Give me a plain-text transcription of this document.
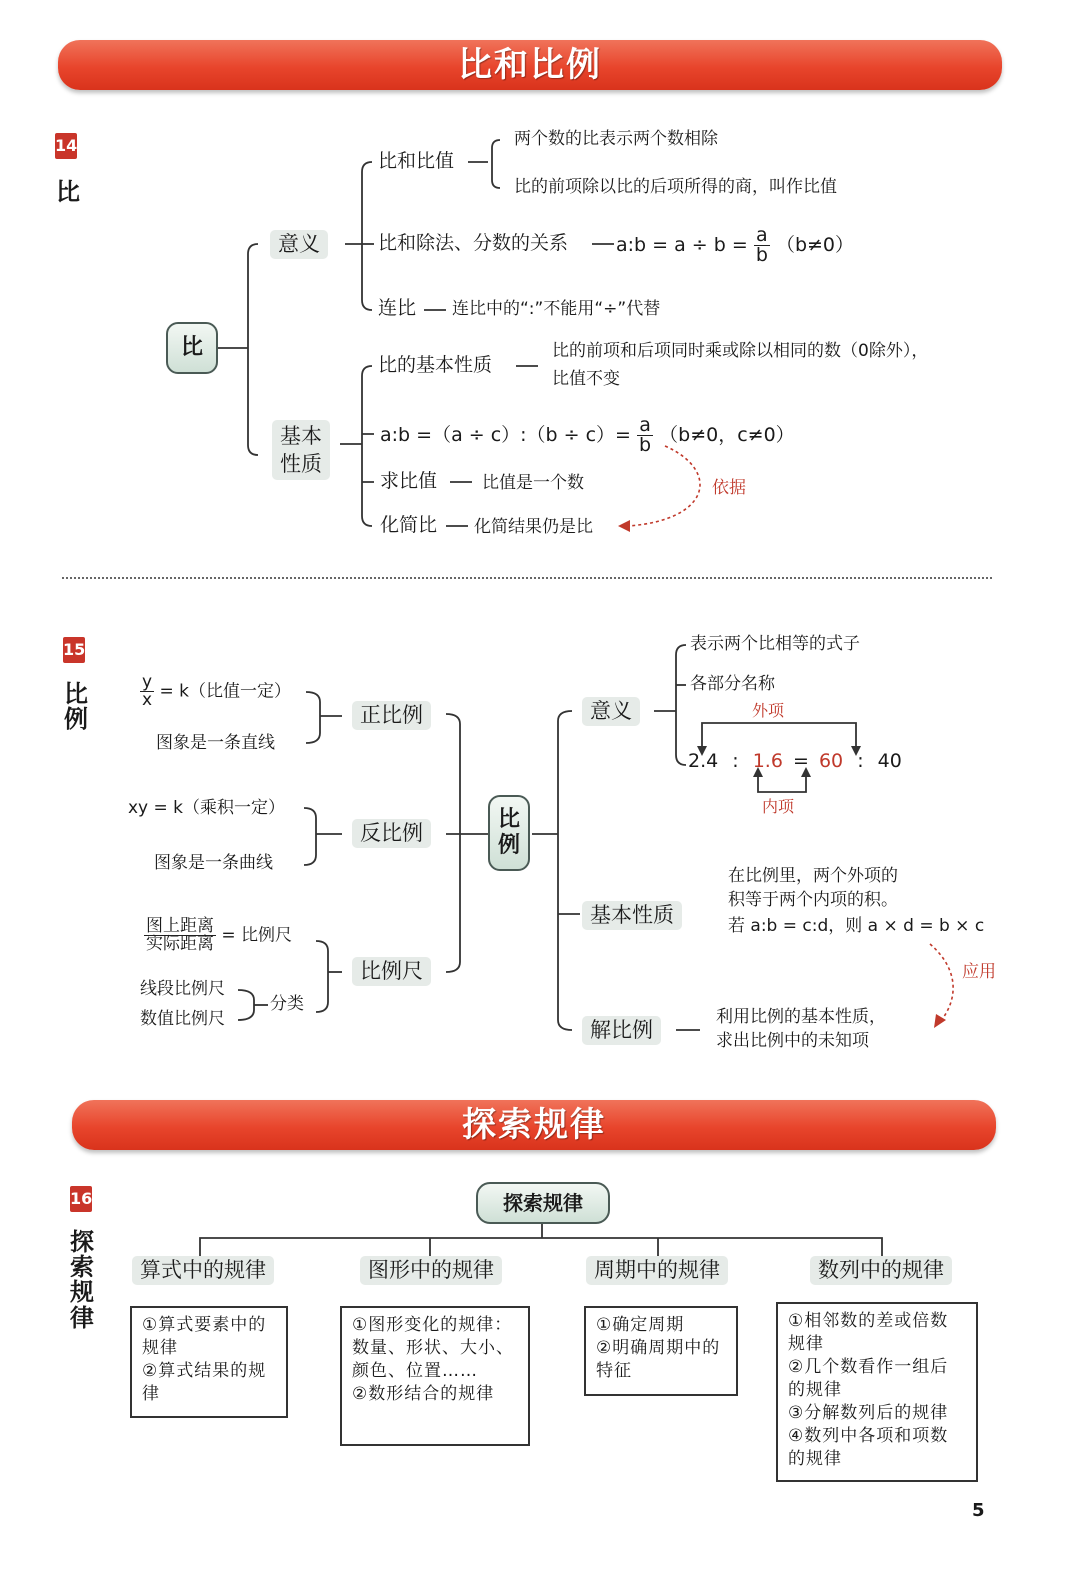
比和比例
探索规律
14
比
比
意义
基本
性质
比和比值
两个数的比表示两个数相除
比的前项除以比的后项所得的商，叫作比值
比和除法、分数的关系	a:b = $a \div b = \frac{a}{b} (b\ne 0)$
连比 连比中的“:”不能用“÷”代替
比的基本性质
比的前项和后项同时乘或除以相同的数（0除外），
比值不变
a:b =（a ÷ c）:（b ÷ $c)= \frac{a}{b} (b\ne 0$，c≠0）
求比值	比值是一个数
化简比 化简结果仍是比
依据
15
比
例
比
例
$\frac{y}{x} = k$（比值一定）
图象是一条直线
正比例
xy = k（乘积一定）
图象是一条曲线
反比例
$\frac{\text{图上距离}}{\text{实际距离}}$ = 比例尺
线段比例尺
数值比例尺
分类
比例尺
意义
表示两个比相等的式子
各部分名称
外项
内项
2.4 : 1.6 = 60 : 40
基本性质
在比例里，两个外项的
积等于两个内项的积。
若 a:b = c:d，则 a × d = b × c
应用
解比例
利用比例的基本性质，
求出比例中的未知项
16
探
索
规
律
探索规律
算式中的规律	图形中的规律	周期中的规律	数列中的规律
①算式要素中的规律
②算式结果的规律
①图形变化的规律：数量、形状、大小、颜色、位置……
②数形结合的规律
①确定周期
②明确周期中的特征
①相邻数的差或倍数规律
②几个数看作一组后的规律
③分解数列后的规律
④数列中各项和项数的规律
5
